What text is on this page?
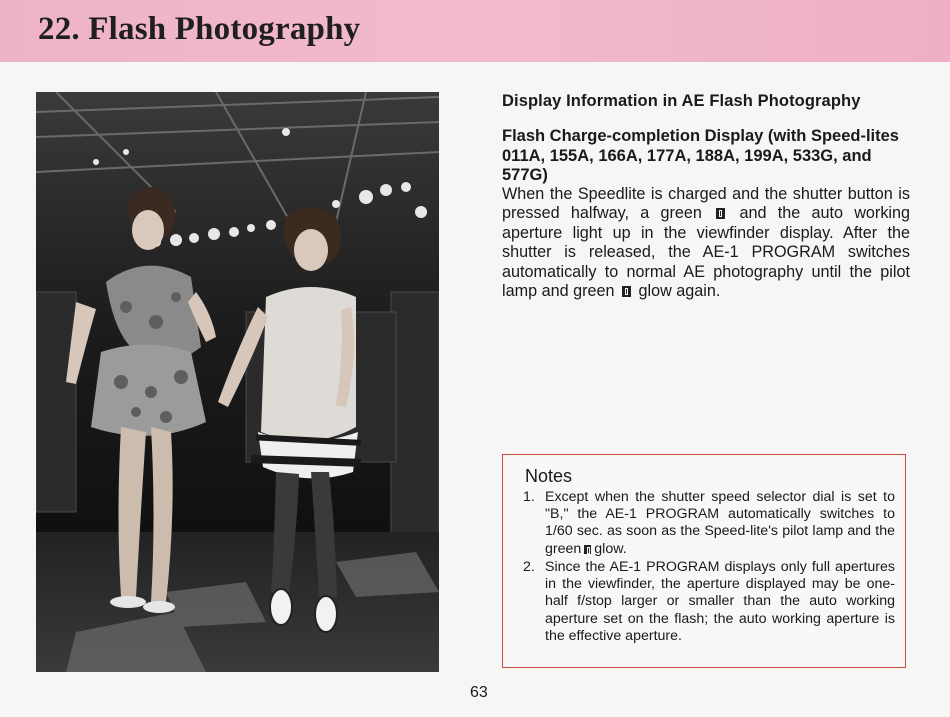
22. Flash Photography
Display Information in AE Flash Photography
Flash Charge-completion Display (with Speed-lites 011A, 155A, 166A, 177A, 188A, 199A, 533G, and 577G)
When the Speedlite is charged and the shutter button is pressed halfway, a green and the auto working aperture light up in the viewfinder display. After the shutter is released, the AE-1 PROGRAM switches automatically to normal AE photography until the pilot lamp and green glow again.
Notes
1. Except when the shutter speed selector dial is set to "B," the AE-1 PROGRAM automatically switches to 1/60 sec. as soon as the Speed-lite's pilot lamp and the green glow.
2. Since the AE-1 PROGRAM displays only full apertures in the viewfinder, the aperture displayed may be one-half f/stop larger or smaller than the auto working aperture set on the flash; the auto working aperture is the effective aperture.
63
